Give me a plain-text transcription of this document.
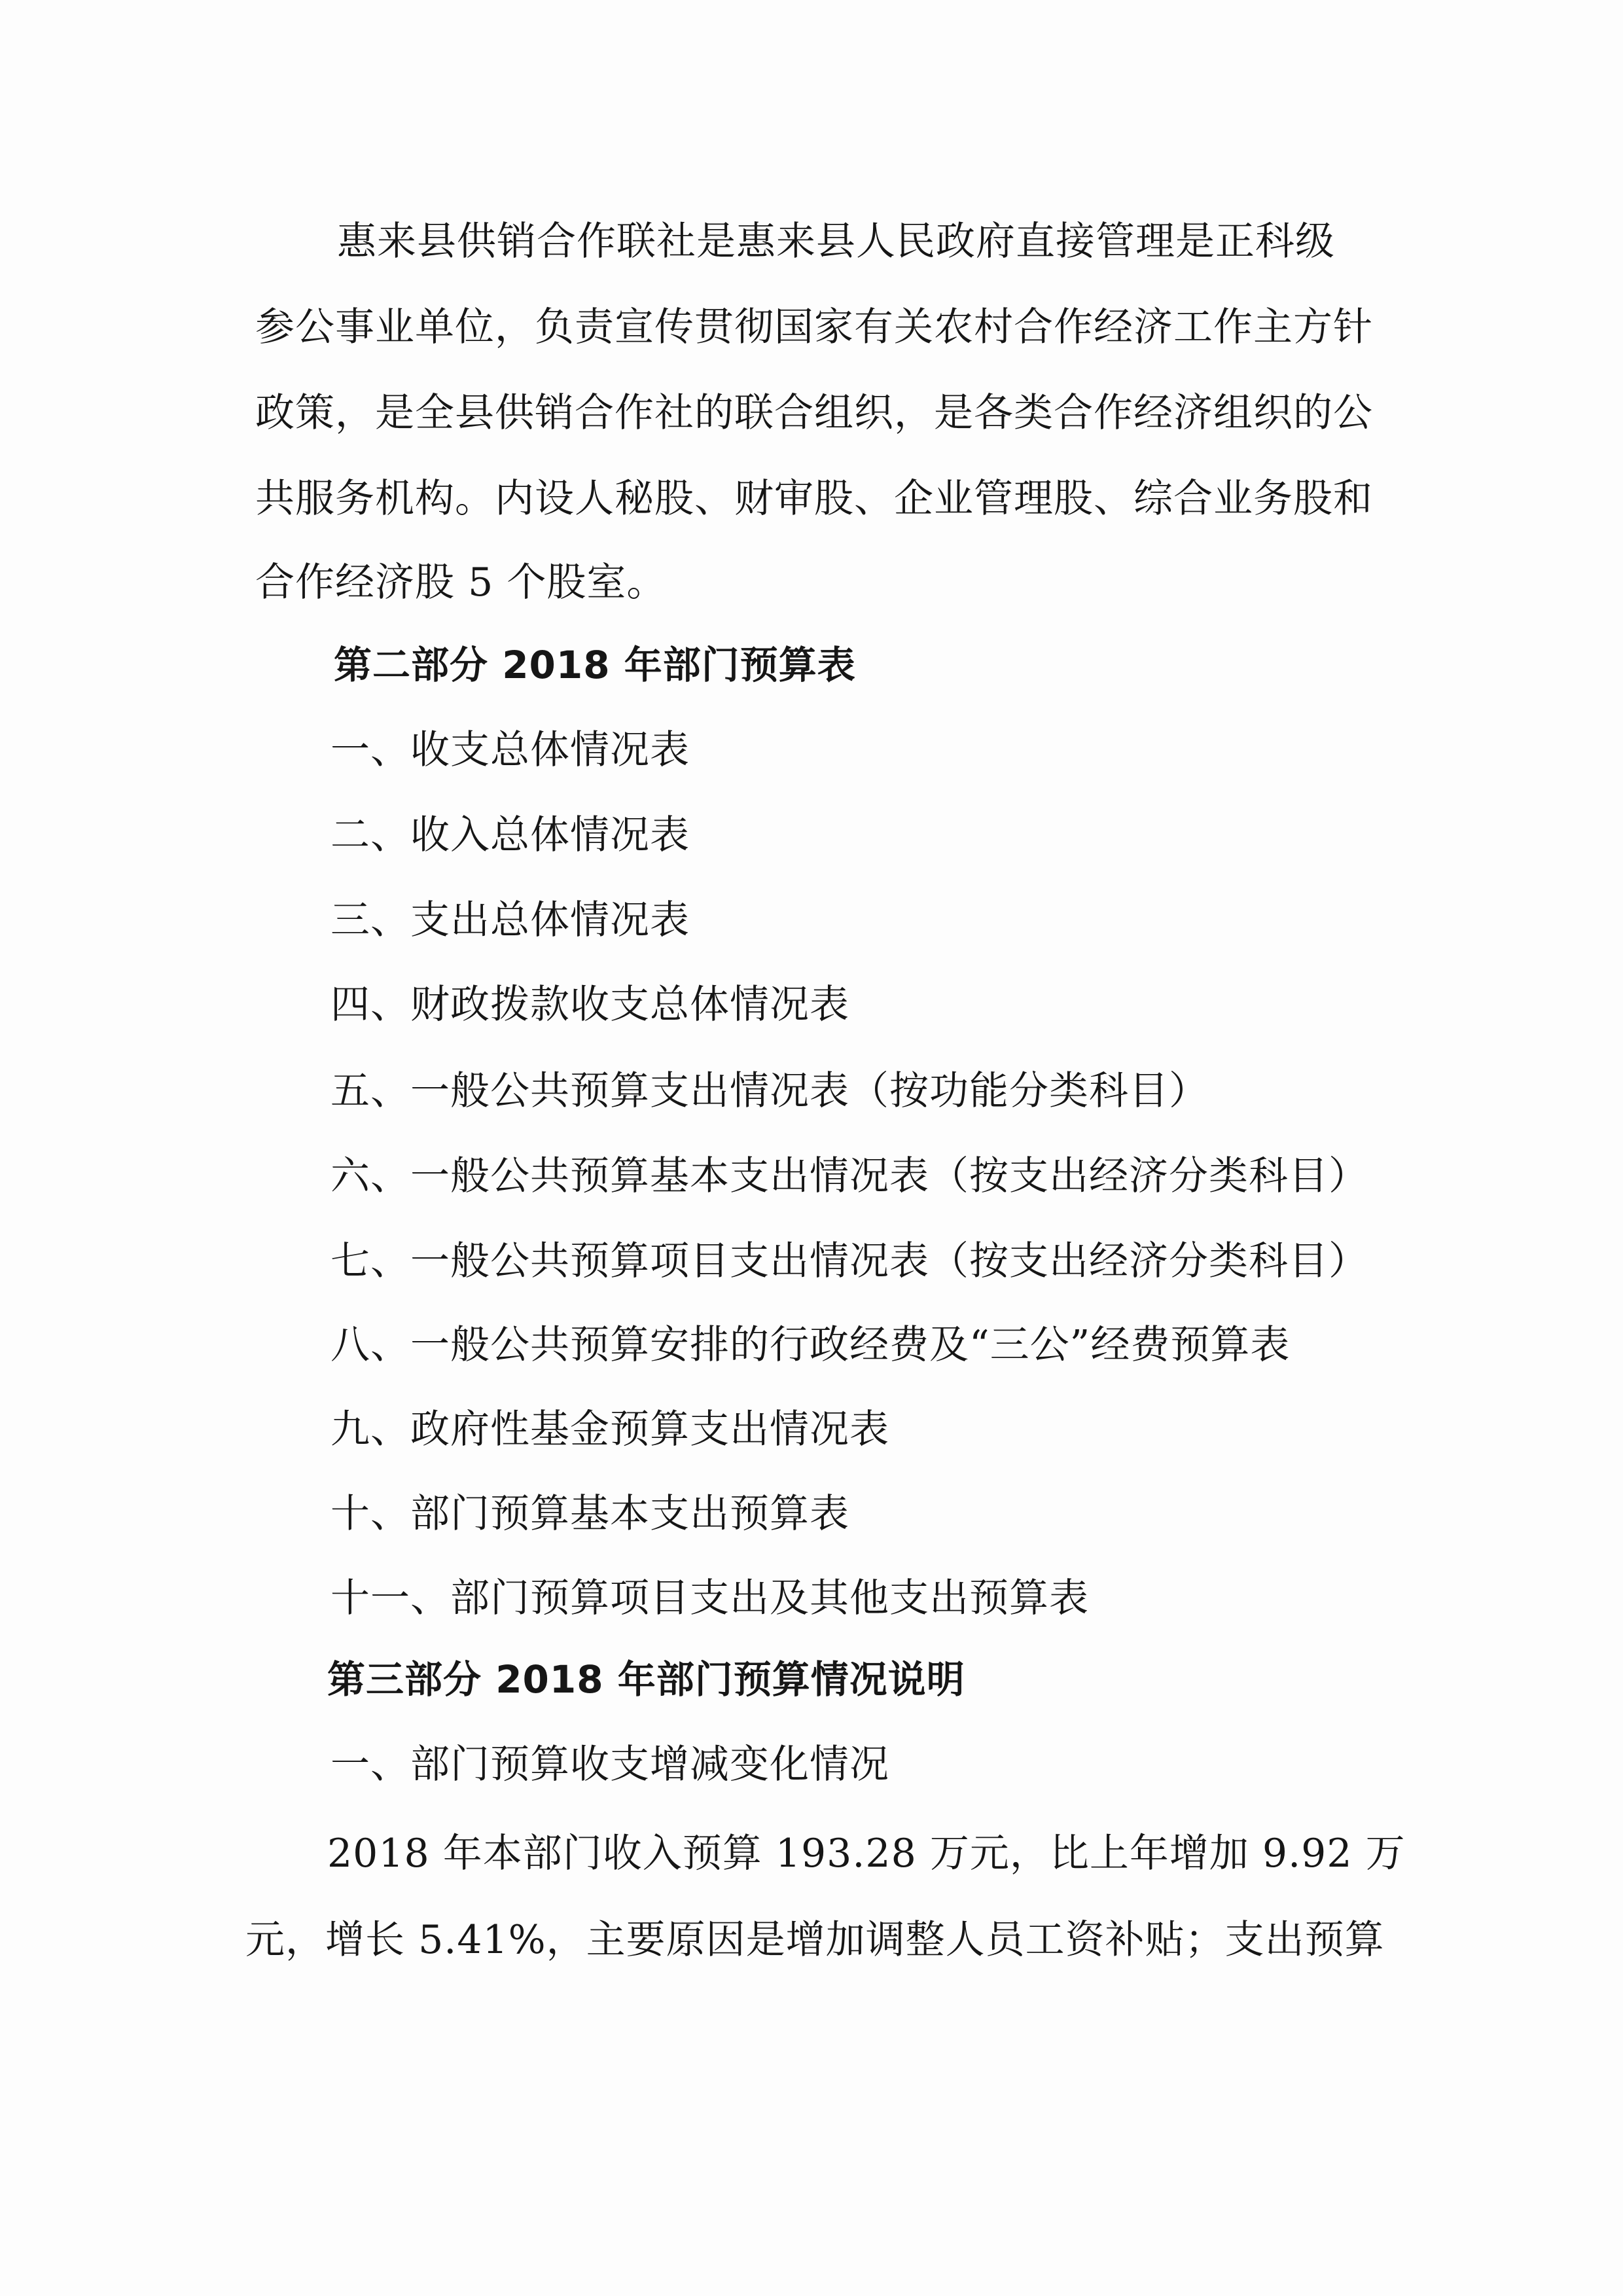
惠来县供销合作联社是惠来县人民政府直接管理是正科级
参公事业单位，负责宣传贯彻国家有关农村合作经济工作主方针
政策，是全县供销合作社的联合组织，是各类合作经济组织的公
共服务机构。内设人秘股、财审股、企业管理股、综合业务股和
合作经济股 5 个股室。
第二部分 2018 年部门预算表
一、收支总体情况表
二、收入总体情况表
三、支出总体情况表
四、财政拨款收支总体情况表
五、一般公共预算支出情况表（按功能分类科目）
六、一般公共预算基本支出情况表（按支出经济分类科目）
七、一般公共预算项目支出情况表（按支出经济分类科目）
八、一般公共预算安排的行政经费及“三公”经费预算表
九、政府性基金预算支出情况表
十、部门预算基本支出预算表
十一、部门预算项目支出及其他支出预算表
第三部分 2018 年部门预算情况说明
一、部门预算收支增减变化情况
2018 年本部门收入预算 193.28 万元，比上年增加 9.92 万
元，增长 5.41%，主要原因是增加调整人员工资补贴；支出预算
